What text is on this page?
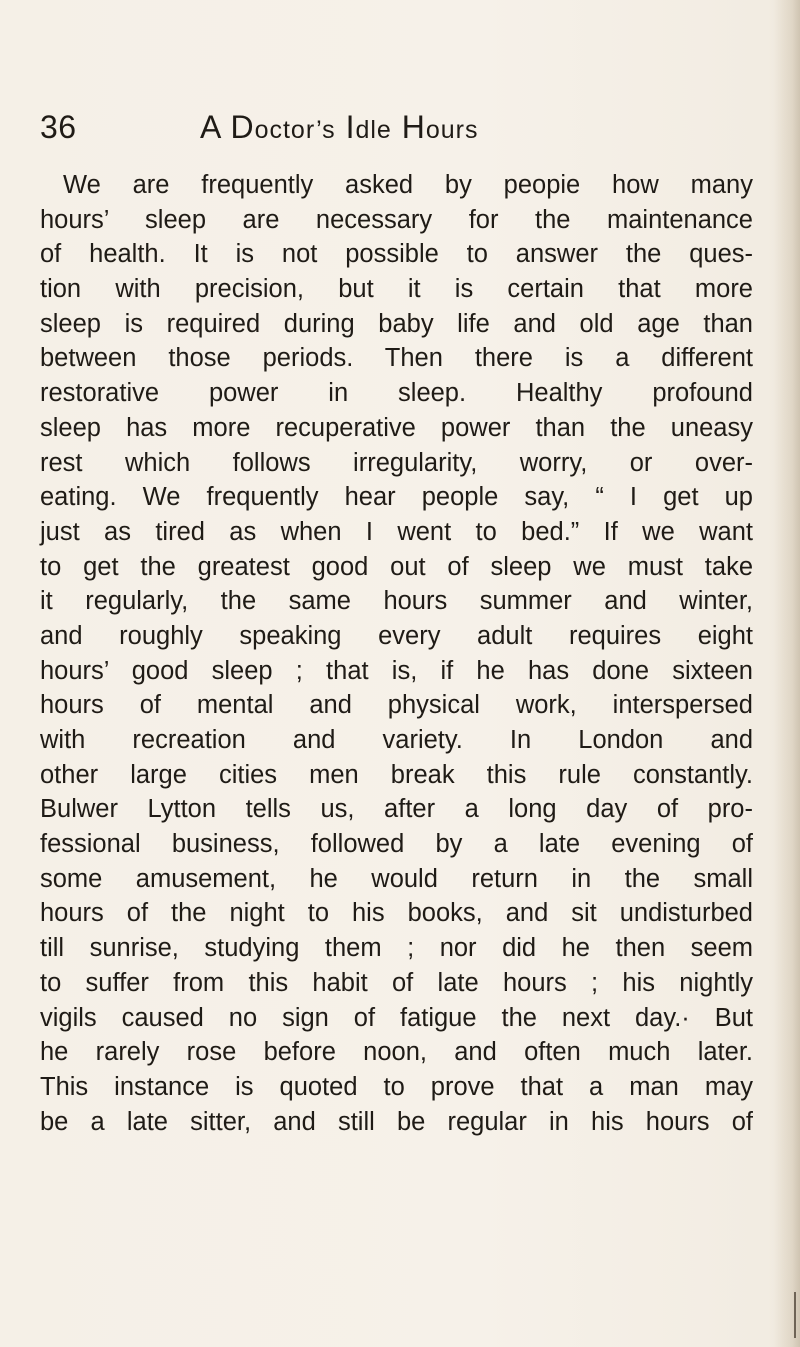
36	A Doctor’s Idle Hours

We are frequently asked by peopie how many
hours’ sleep are necessary for the maintenance
of health. It is not possible to answer the ques-
tion with precision, but it is certain that more
sleep is required during baby life and old age than
between those periods. Then there is a different
restorative power in sleep. Healthy profound
sleep has more recuperative power than the uneasy
rest which follows irregularity, worry, or over-
eating. We frequently hear people say, “ I get up
just as tired as when I went to bed.” If we want
to get the greatest good out of sleep we must take
it regularly, the same hours summer and winter,
and roughly speaking every adult requires eight
hours’ good sleep ; that is, if he has done sixteen
hours of mental and physical work, interspersed
with recreation and variety. In London and
other large cities men break this rule constantly.
Bulwer Lytton tells us, after a long day of pro-
fessional business, followed by a late evening of
some amusement, he would return in the small
hours of the night to his books, and sit undisturbed
till sunrise, studying them ; nor did he then seem
to suffer from this habit of late hours ; his nightly
vigils caused no sign of fatigue the next day.· But
he rarely rose before noon, and often much later.
This instance is quoted to prove that a man may
be a late sitter, and still be regular in his hours of
